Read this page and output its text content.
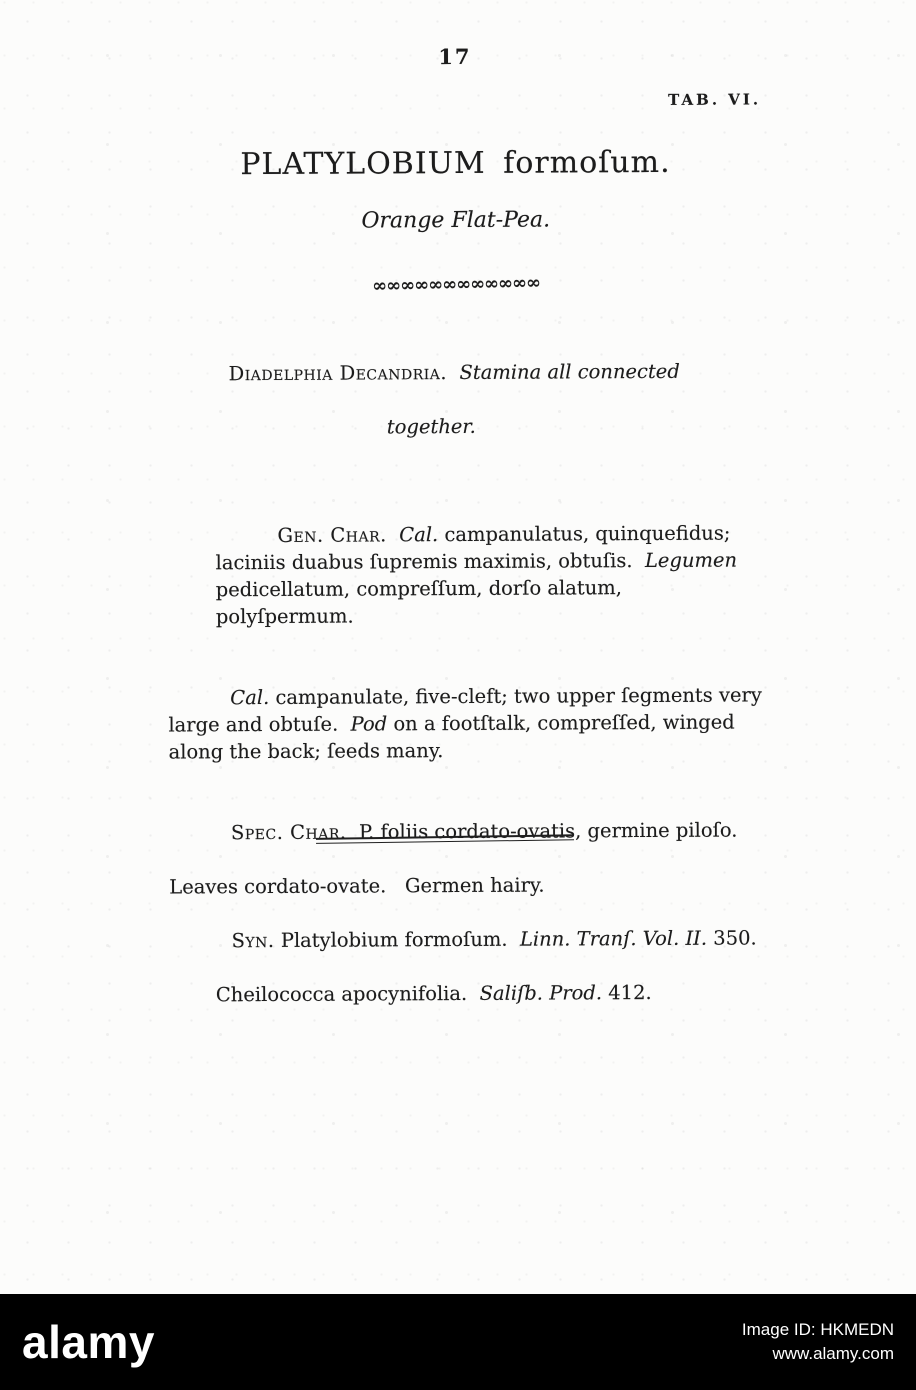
17
TAB. VI.
PLATYLOBIUM formoſum.
Orange Flat-Pea.
∞∞∞∞∞∞∞∞∞∞∞∞

Diadelphia Decandria.  Stamina all connected

together.

Gen. Char.  Cal. campanulatus, quinquefidus; laciniis duabus ſupremis maximis, obtuſis.  Legumen pedicellatum, compreſſum, dorſo alatum, polyſpermum.

Cal. campanulate, five-cleft; two upper ſegments very large and obtuſe.  Pod on a footſtalk, compreſſed, winged along the back; ſeeds many.

Spec. Char.  P. foliis cordato-ovatis, germine piloſo.

Leaves cordato-ovate.   Germen hairy.

Syn. Platylobium formoſum.  Linn. Tranſ. Vol. II. 350.

Cheilococca apocynifolia.  Saliſb. Prod. 412.

alamy	Image ID: HKMEDN
www.alamy.com
